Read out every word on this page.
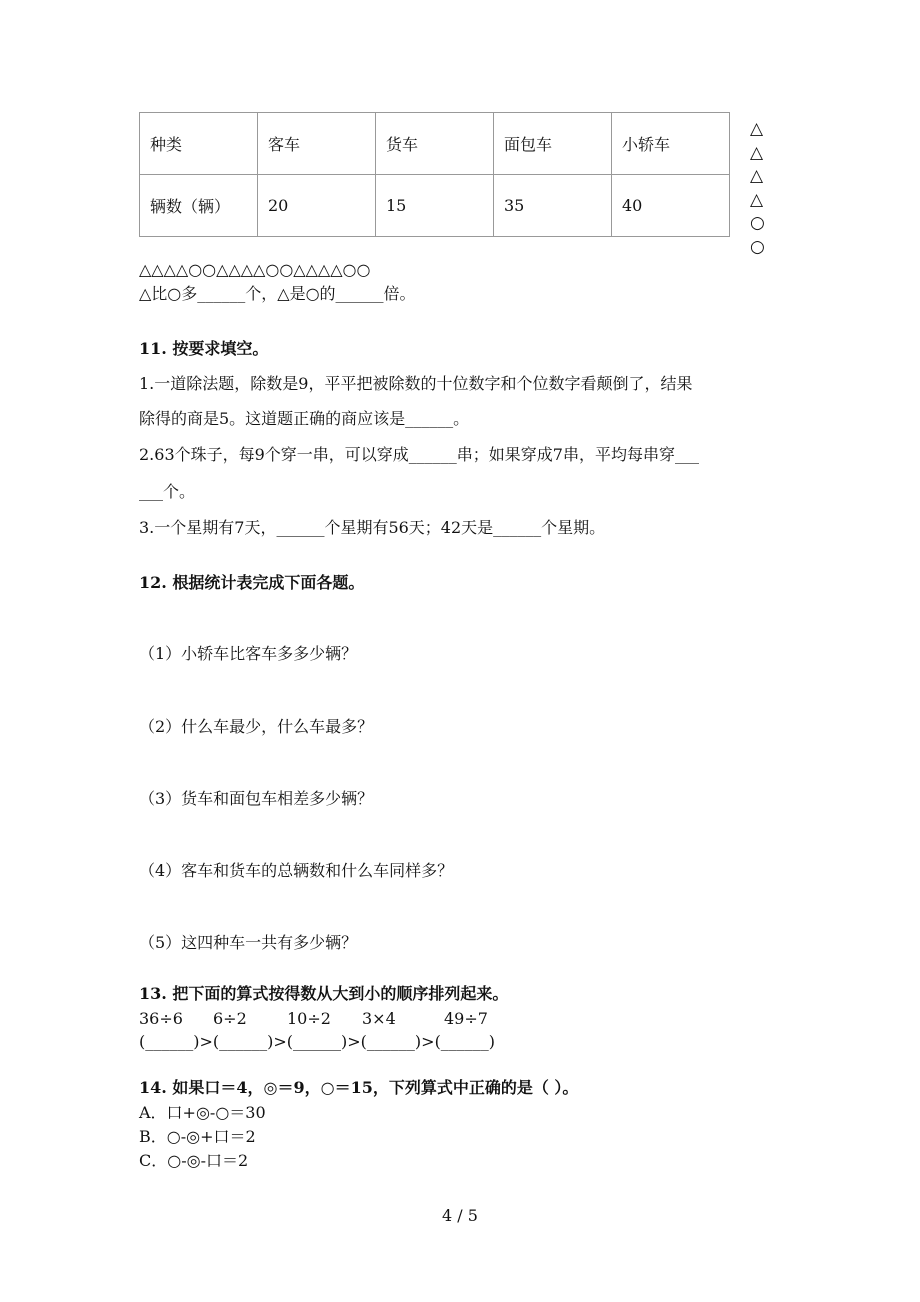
种类	客车	货车	面包车	小轿车
辆数（辆）	20	15	35	40
△
△
△
△
○
○
△△△△○○△△△△○○△△△△○○
△比○多______个，△是○的______倍。
11. 按要求填空。
1.一道除法题，除数是9，平平把被除数的十位数字和个位数字看颠倒了，结果
除得的商是5。这道题正确的商应该是______。
2.63个珠子，每9个穿一串，可以穿成______串；如果穿成7串，平均每串穿___
___个。
3.一个星期有7天，______个星期有56天；42天是______个星期。
12. 根据统计表完成下面各题。
（1）小轿车比客车多多少辆？
（2）什么车最少，什么车最多？
（3）货车和面包车相差多少辆？
（4）客车和货车的总辆数和什么车同样多？
（5）这四种车一共有多少辆？
13. 把下面的算式按得数从大到小的顺序排列起来。
36÷6 6÷2	10÷2 3×4	49÷7
(______)>(______)>(______)>(______)>(______)
14. 如果口＝4，◎＝9，○＝15，下列算式中正确的是（ ）。
A．口+◎-○＝30
B．○-◎+口＝2
C．○-◎-口＝2
4 / 5
